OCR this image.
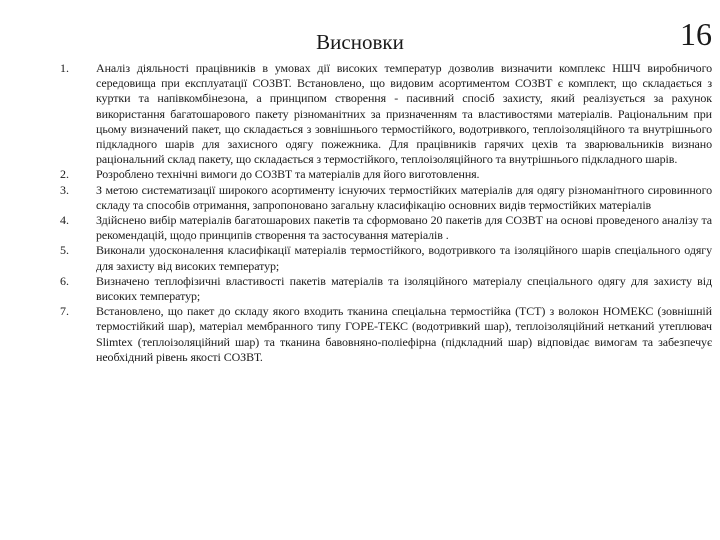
Висновки	16
1.	Аналіз діяльності працівників в умовах дії високих температур дозволив визначити комплекс НШЧ виробничого середовища при експлуатації СОЗВТ. Встановлено, що видовим асортиментом СОЗВТ є комплект, що складається з куртки та напівкомбінезона, а принципом створення - пасивний спосіб захисту, який реалізується за рахунок використання багатошарового пакету різноманітних за призначенням та властивостями матеріалів. Раціональним при цьому визначений пакет, що складається з зовнішнього термостійкого, водотривкого, теплоізоляційного та внутрішнього підкладного шарів для захисного одягу пожежника. Для працівників гарячих цехів та зварювальників визнано раціональний склад пакету, що складається з термостійкого, теплоізоляційного та внутрішнього підкладного шарів.
2.	Розроблено технічні вимоги до СОЗВТ та матеріалів для його виготовлення.
3.	З метою систематизації широкого асортименту існуючих термостійких матеріалів для одягу різноманітного сировинного складу та способів отримання, запропоновано загальну класифікацію основних видів термостійких матеріалів
4.	Здійснено вибір матеріалів багатошарових пакетів та сформовано 20 пакетів для СОЗВТ на основі проведеного аналізу та рекомендацій, щодо принципів створення та застосування матеріалів .
5.	Виконали удосконалення класифікації матеріалів термостійкого, водотривкого та ізоляційного шарів спеціального одягу для захисту від високих температур;
6.	Визначено теплофізичні властивості пакетів матеріалів та ізоляційного матеріалу спеціального одягу для захисту від високих температур;
7.	Встановлено, що пакет до складу якого входить тканина спеціальна термостійка (ТСТ) з волокон НОМЕКС (зовнішній термостійкий шар), матеріал мембранного типу ГОРЕ-ТЕКС (водотривкий шар), теплоізоляційний нетканий утеплювач Slimtex (теплоізоляційний шар) та тканина бавовняно-поліефірна (підкладний шар) відповідає вимогам та забезпечує необхідний рівень якості СОЗВТ.
